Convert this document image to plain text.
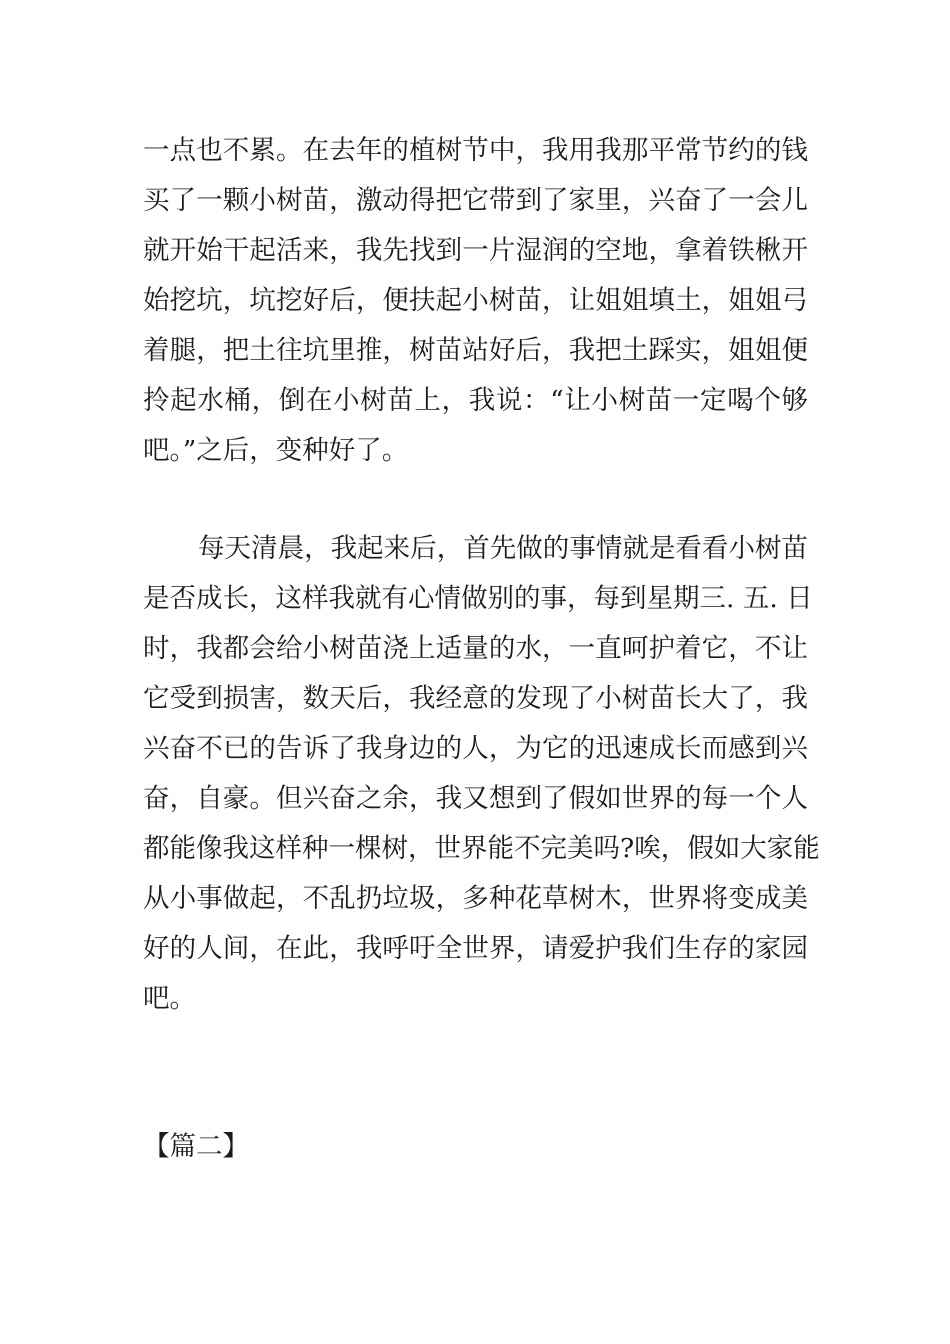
一点也不累。在去年的植树节中，我用我那平常节约的钱
买了一颗小树苗，激动得把它带到了家里，兴奋了一会儿
就开始干起活来，我先找到一片湿润的空地，拿着铁楸开
始挖坑，坑挖好后，便扶起小树苗，让姐姐填土，姐姐弓
着腿，把土往坑里推，树苗站好后，我把土踩实，姐姐便
拎起水桶，倒在小树苗上，我说：“让小树苗一定喝个够
吧。”之后，变种好了。
每天清晨，我起来后，首先做的事情就是看看小树苗
是否成长，这样我就有心情做别的事，每到星期三. 五. 日
时，我都会给小树苗浇上适量的水，一直呵护着它，不让
它受到损害，数天后，我经意的发现了小树苗长大了，我
兴奋不已的告诉了我身边的人，为它的迅速成长而感到兴
奋，自豪。但兴奋之余，我又想到了假如世界的每一个人
都能像我这样种一棵树，世界能不完美吗?唉，假如大家能
从小事做起，不乱扔垃圾，多种花草树木，世界将变成美
好的人间，在此，我呼吁全世界，请爱护我们生存的家园
吧。
【篇二】
